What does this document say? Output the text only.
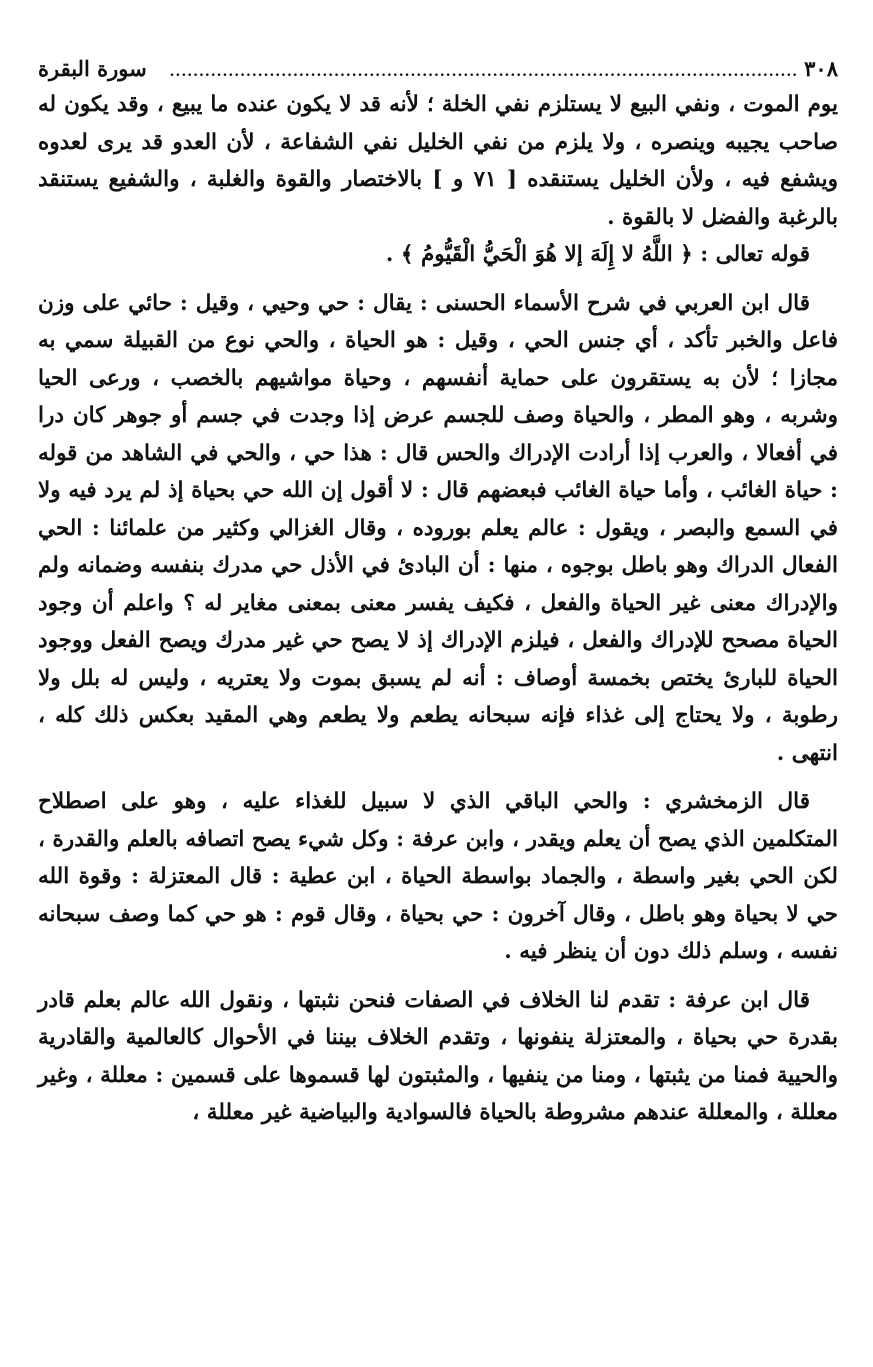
٣٠٨
...........................................................................................................
سورة البقرة

يوم الموت ، ونفي البيع لا يستلزم نفي الخلة ؛ لأنه قد لا يكون عنده ما يبيع ، وقد يكون له صاحب يجيبه وينصره ، ولا يلزم من نفي الخليل نفي الشفاعة ، لأن العدو قد يرى لعدوه ويشفع فيه ، ولأن الخليل يستنقده [ ٧١ و ] بالاختصار والقوة والغلبة ، والشفيع يستنقد بالرغبة والفضل لا بالقوة .

قوله تعالى : ﴿ اللَّهُ لا إِلَهَ إلا هُوَ الْحَيُّ الْقَيُّومُ ﴾ .

قال ابن العربي في شرح الأسماء الحسنى : يقال : حي وحيي ، وقيل : حائي على وزن فاعل والخبر تأكد ، أي جنس الحي ، وقيل : هو الحياة ، والحي نوع من القبيلة سمي به مجازا ؛ لأن به يستقرون على حماية أنفسهم ، وحياة مواشيهم بالخصب ، ورعى الحيا وشربه ، وهو المطر ، والحياة وصف للجسم عرض إذا وجدت في جسم أو جوهر كان درا في أفعالا ، والعرب إذا أرادت الإدراك والحس قال : هذا حي ، والحي في الشاهد من قوله : حياة الغائب ، وأما حياة الغائب فبعضهم قال : لا أقول إن الله حي بحياة إذ لم يرد فيه ولا في السمع والبصر ، ويقول : عالم يعلم بوروده ، وقال الغزالي وكثير من علمائنا : الحي الفعال الدراك وهو باطل بوجوه ، منها : أن البادئ في الأذل حي مدرك بنفسه وضمانه ولم والإدراك معنى غير الحياة والفعل ، فكيف يفسر معنى بمعنى مغاير له ؟ واعلم أن وجود الحياة مصحح للإدراك والفعل ، فيلزم الإدراك إذ لا يصح حي غير مدرك ويصح الفعل ووجود الحياة للبارئ يختص بخمسة أوصاف : أنه لم يسبق بموت ولا يعتريه ، وليس له بلل ولا رطوبة ، ولا يحتاج إلى غذاء فإنه سبحانه يطعم ولا يطعم وهي المقيد بعكس ذلك كله ، انتهى .

قال الزمخشري : والحي الباقي الذي لا سبيل للغذاء عليه ، وهو على اصطلاح المتكلمين الذي يصح أن يعلم ويقدر ، وابن عرفة : وكل شيء يصح اتصافه بالعلم والقدرة ، لكن الحي بغير واسطة ، والجماد بواسطة الحياة ، ابن عطية : قال المعتزلة : وقوة الله حي لا بحياة وهو باطل ، وقال آخرون : حي بحياة ، وقال قوم : هو حي كما وصف سبحانه نفسه ، وسلم ذلك دون أن ينظر فيه .

قال ابن عرفة : تقدم لنا الخلاف في الصفات فنحن نثبتها ، ونقول الله عالم بعلم قادر بقدرة حي بحياة ، والمعتزلة ينفونها ، وتقدم الخلاف بيننا في الأحوال كالعالمية والقادرية والحيية فمنا من يثبتها ، ومنا من ينفيها ، والمثبتون لها قسموها على قسمين : معللة ، وغير معللة ، والمعللة عندهم مشروطة بالحياة فالسوادية والبياضية غير معللة ،
